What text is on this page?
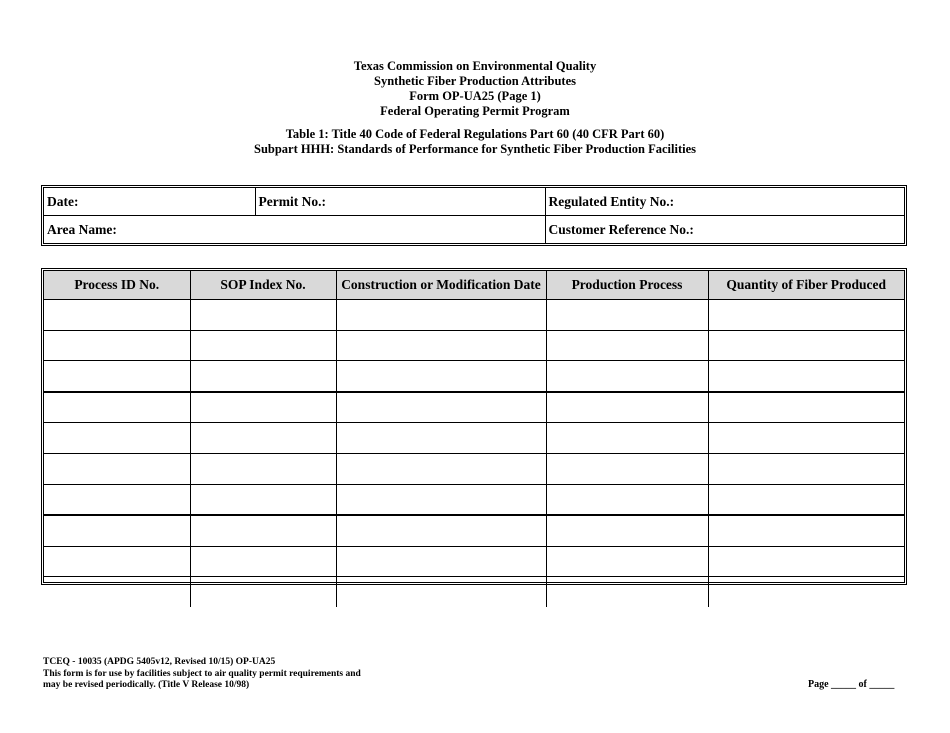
Texas Commission on Environmental Quality
Synthetic Fiber Production Attributes
Form OP-UA25 (Page 1)
Federal Operating Permit Program
Table 1: Title 40 Code of Federal Regulations Part 60 (40 CFR Part 60)
Subpart HHH: Standards of Performance for Synthetic Fiber Production Facilities
Date:	Permit No.:	Regulated Entity No.:
Area Name:		Customer Reference No.:
Process ID No.	SOP Index No.	Construction or Modification Date	Production Process	Quantity of Fiber Produced

TCEQ - 10035 (APDG 5405v12, Revised 10/15) OP-UA25
This form is for use by facilities subject to air quality permit requirements and
may be revised periodically. (Title V Release 10/98)	Page _____ of _____
